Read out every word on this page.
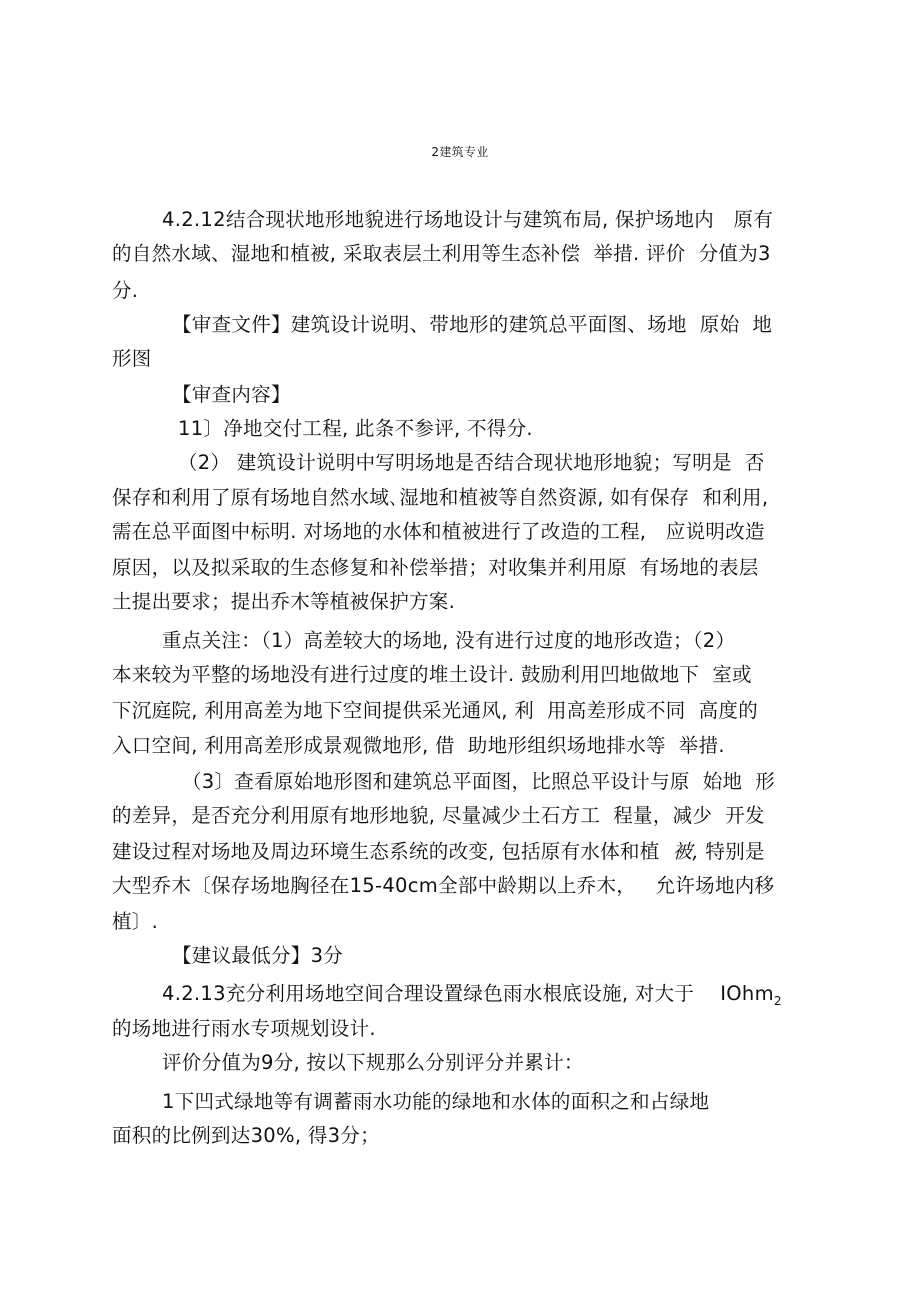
2建筑专业
4.2.12结合现状地形地貌进行场地设计与建筑布局, 保护场地内   原有
的自然水域、湿地和植被, 采取表层土利用等生态补偿  举措. 评价  分值为3
分.
【审查文件】建筑设计说明、带地形的建筑总平面图、场地  原始  地
形图
【审查内容】
11〕净地交付工程, 此条不参评, 不得分.
（2） 建筑设计说明中写明场地是否结合现状地形地貌；写明是  否
保存和利用了原有场地自然水域､湿地和植被等自然资源, 如有保存  和利用,
需在总平面图中标明. 对场地的水体和植被进行了改造的工程,   应说明改造
原因，以及拟采取的生态修复和补偿举措；对收集并利用原  有场地的表层
土提出要求；提出乔木等植被保护方案.
重点关注：（1）高差较大的场地, 没有进行过度的地形改造；（2）
本来较为平整的场地没有进行过度的堆土设计. 鼓励利用凹地做地下  室或
下沉庭院, 利用高差为地下空间提供采光通风, 利  用高差形成不同  高度的
入口空间, 利用高差形成景观微地形, 借  助地形组织场地排水等  举措.
（3〕查看原始地形图和建筑总平面图，比照总平设计与原  始地  形
的差异，是否充分利用原有地形地貌, 尽量减少土石方工  程量，减少  开发
建设过程对场地及周边环境生态系统的改变, 包括原有水体和植  被, 特别是
大型乔木〔保存场地胸径在15-40cm全部中龄期以上乔木，   允许场地内移
植〕.
【建议最低分】3分
4.2.13充分利用场地空间合理设置绿色雨水根底设施, 对大于    IOhm$_2$
的场地进行雨水专项规划设计.
评价分值为9分, 按以下规那么分别评分并累计：
1下凹式绿地等有调蓄雨水功能的绿地和水体的面积之和占绿地
面积的比例到达30%, 得3分；
